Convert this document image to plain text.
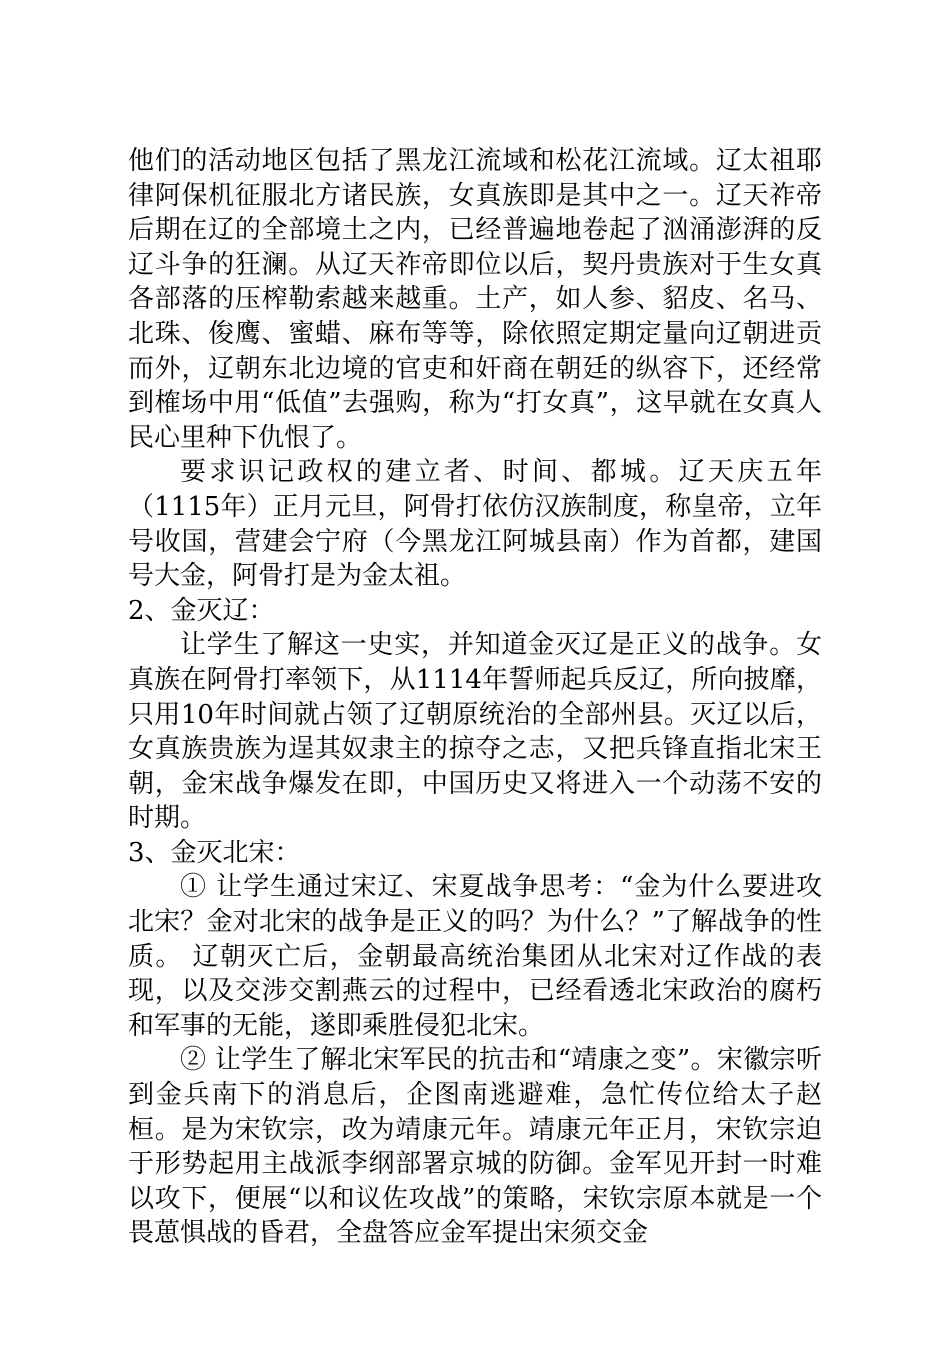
他们的活动地区包括了黑龙江流域和松花江流域。辽太祖耶律阿保机征服北方诸民族，女真族即是其中之一。辽天祚帝后期在辽的全部境土之内，已经普遍地卷起了汹涌澎湃的反辽斗争的狂澜。从辽天祚帝即位以后，契丹贵族对于生女真各部落的压榨勒索越来越重。土产，如人参、貂皮、名马、北珠、俊鹰、蜜蜡、麻布等等，除依照定期定量向辽朝进贡而外，辽朝东北边境的官吏和奸商在朝廷的纵容下，还经常到榷场中用“低值”去强购，称为“打女真”，这早就在女真人民心里种下仇恨了。

要求识记政权的建立者、时间、都城。辽天庆五年（1115年）正月元旦，阿骨打依仿汉族制度，称皇帝，立年号收国，营建会宁府（今黑龙江阿城县南）作为首都，建国号大金，阿骨打是为金太祖。

2、金灭辽：

让学生了解这一史实，并知道金灭辽是正义的战争。女真族在阿骨打率领下，从1114年誓师起兵反辽，所向披靡，只用10年时间就占领了辽朝原统治的全部州县。灭辽以后，女真族贵族为逞其奴隶主的掠夺之志，又把兵锋直指北宋王朝，金宋战争爆发在即，中国历史又将进入一个动荡不安的时期。

3、金灭北宋：

① 让学生通过宋辽、宋夏战争思考：“金为什么要进攻北宋？金对北宋的战争是正义的吗？为什么？”了解战争的性质。 辽朝灭亡后，金朝最高统治集团从北宋对辽作战的表现，以及交涉交割燕云的过程中，已经看透北宋政治的腐朽和军事的无能，遂即乘胜侵犯北宋。

② 让学生了解北宋军民的抗击和“靖康之变”。宋徽宗听到金兵南下的消息后，企图南逃避难，急忙传位给太子赵桓。是为宋钦宗，改为靖康元年。靖康元年正月，宋钦宗迫于形势起用主战派李纲部署京城的防御。金军见开封一时难以攻下，便展“以和议佐攻战”的策略，宋钦宗原本就是一个畏葸惧战的昏君，全盘答应金军提出宋须交金
